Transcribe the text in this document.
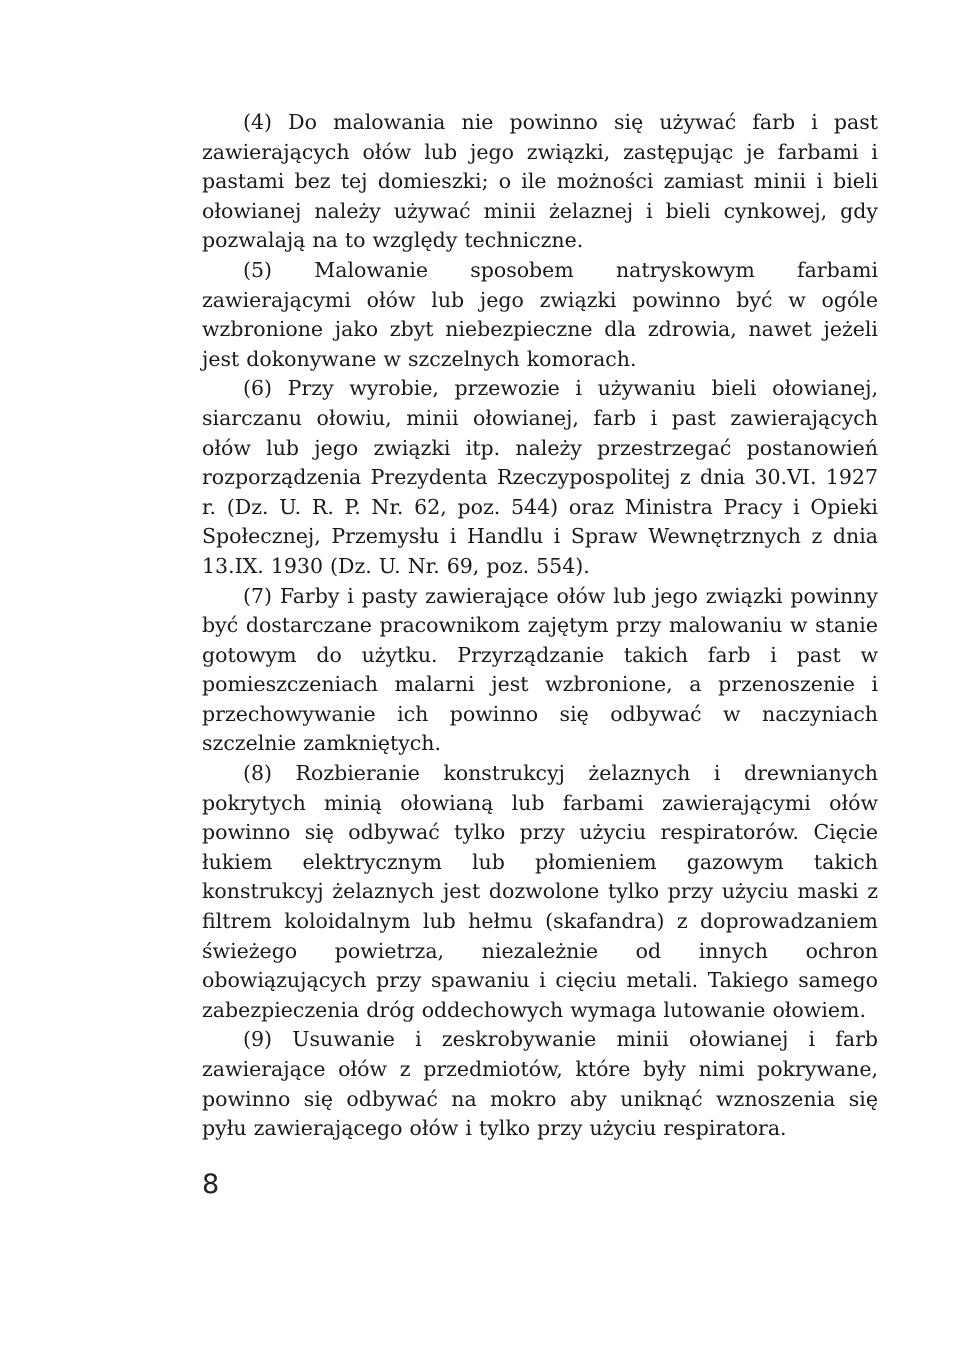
(4) Do malowania nie powinno się używać farb i past zawierających ołów lub jego związki, zastępując je farbami i pastami bez tej domieszki; o ile możności zamiast minii i bieli ołowianej należy używać minii żelaznej i bieli cynkowej, gdy pozwalają na to względy techniczne.

(5) Malowanie sposobem natryskowym farbami zawierającymi ołów lub jego związki powinno być w ogóle wzbronione jako zbyt niebezpieczne dla zdrowia, nawet jeżeli jest dokonywane w szczelnych komorach.

(6) Przy wyrobie, przewozie i używaniu bieli ołowianej, siarczanu ołowiu, minii ołowianej, farb i past zawierających ołów lub jego związki itp. należy przestrzegać postanowień rozporządzenia Prezydenta Rzeczypospolitej z dnia 30.VI. 1927 r. (Dz. U. R. P. Nr. 62, poz. 544) oraz Ministra Pracy i Opieki Społecznej, Przemysłu i Handlu i Spraw Wewnętrznych z dnia 13.IX. 1930 (Dz. U. Nr. 69, poz. 554).

(7) Farby i pasty zawierające ołów lub jego związki powinny być dostarczane pracownikom zajętym przy malowaniu w stanie gotowym do użytku. Przyrządzanie takich farb i past w pomieszczeniach malarni jest wzbronione, a przenoszenie i przechowywanie ich powinno się odbywać w naczyniach szczelnie zamkniętych.

(8) Rozbieranie konstrukcyj żelaznych i drewnianych pokrytych minią ołowianą lub farbami zawierającymi ołów powinno się odbywać tylko przy użyciu respiratorów. Cięcie łukiem elektrycznym lub płomieniem gazowym takich konstrukcyj żelaznych jest dozwolone tylko przy użyciu maski z filtrem koloidalnym lub hełmu (skafandra) z doprowadzaniem świeżego powietrza, niezależnie od innych ochron obowiązujących przy spawaniu i cięciu metali. Takiego samego zabezpieczenia dróg oddechowych wymaga lutowanie ołowiem.

(9) Usuwanie i zeskrobywanie minii ołowianej i farb zawierające ołów z przedmiotów, które były nimi pokrywane, powinno się odbywać na mokro aby uniknąć wznoszenia się pyłu zawierającego ołów i tylko przy użyciu respiratora.

8
